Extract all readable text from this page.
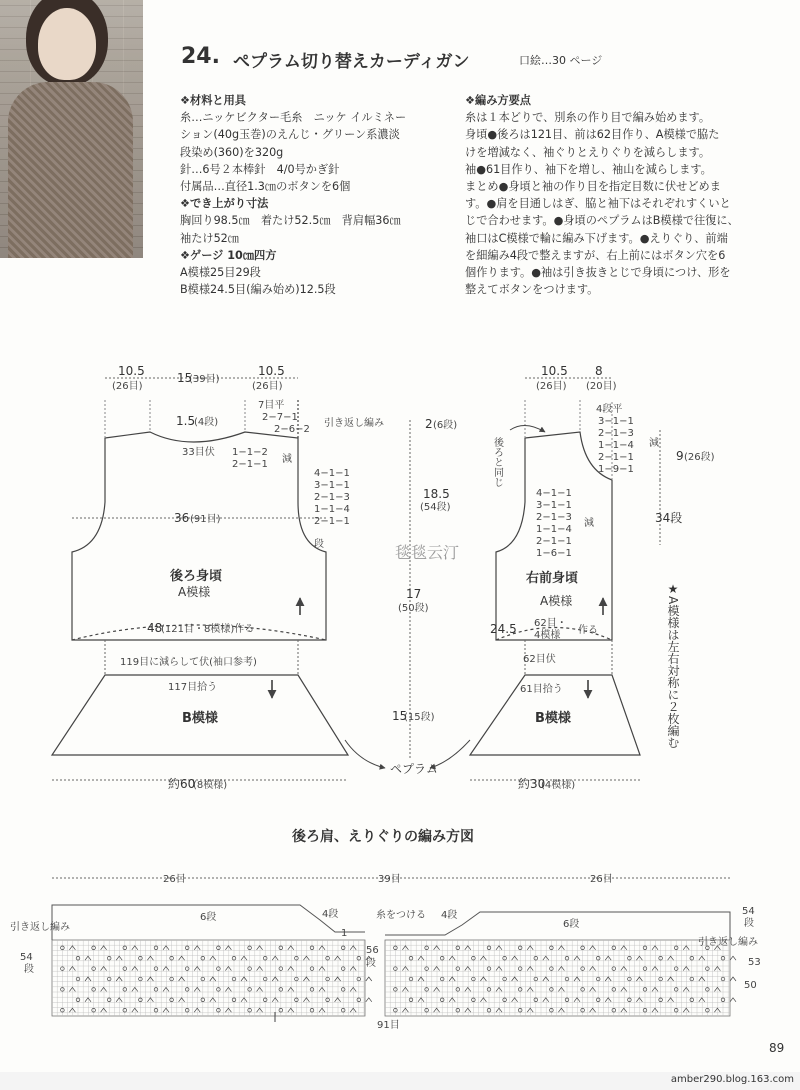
24. ペプラム切り替えカーディガン	口絵…30 ページ

❖材料と用具

糸…ニッケビクター毛糸　ニッケ イルミネー

ション(40g玉巻)のえんじ・グリーン系濃淡

段染め(360)を320g

針…6号２本棒針　4/0号かぎ針

付属品…直径1.3㎝のボタンを6個

❖でき上がり寸法

胸回り98.5㎝　着たけ52.5㎝　背肩幅36㎝

袖たけ52㎝

❖ゲージ 10㎝四方

A模様25目29段

B模様24.5目(編み始め)12.5段

❖編み方要点

糸は１本どりで、別糸の作り目で編み始めます。

身頃●後ろは121目、前は62目作り、A模様で脇た

けを増減なく、袖ぐりとえりぐりを減らします。

袖●61目作り、袖下を増し、袖山を減らします。

まとめ●身頃と袖の作り目を指定目数に伏せどめま

す。●肩を目通しはぎ、脇と袖下はそれぞれすくいと

じで合わせます。●身頃のペプラムはB模様で往復に、

袖口はC模様で輪に編み下げます。●えりぐり、前端

を細編み4段で整えますが、右上前にはボタン穴を6

個作ります。●袖は引き抜きとじで身頃につけ、形を

整えてボタンをつけます。

10.5
(26目)
15
(39目)
10.5
(26目)
1.5
(4段)
7目平
2−7−1
2−6−2
引き返し編み	2 (6段)
33目伏 1−1−2
2−1−1 減
4−1−1
3−1−1
2−1−3
1−1−4
2−1−1
段
36 (91目)
18.5
(54段)
後ろ身頃
A模様	17
(50段)
48
(121目・8模様)作る
119目に減らして伏(袖口参考)
117目拾う
B模様	15
(15段)
約60
(8模様)
ペプラム
10.5
(26目)
8
(20目)
4段平
3−1−1
2−1−3
1−1−4
2−1−1
1−9−1
減
9 (26段)
後ろと同じ
4−1−1
3−1−1
2−1−3
1−1−4
2−1−1
1−6−1
減	34段
右前身頃
A模様
24.5 62目・
4模様 作る
62目伏
61目拾う
B模様
約30
(4模様)
★A模様は左右対称に２枚編む
毯毯云汀
26目	39目	26目
引き返し編み
54
段
6段	4段
1
56
段
糸をつける 4段
6段
54
段
引き返し編み
53
50
91目
後ろ肩、えりぐりの編み方図
89
amber290.blog.163.com
